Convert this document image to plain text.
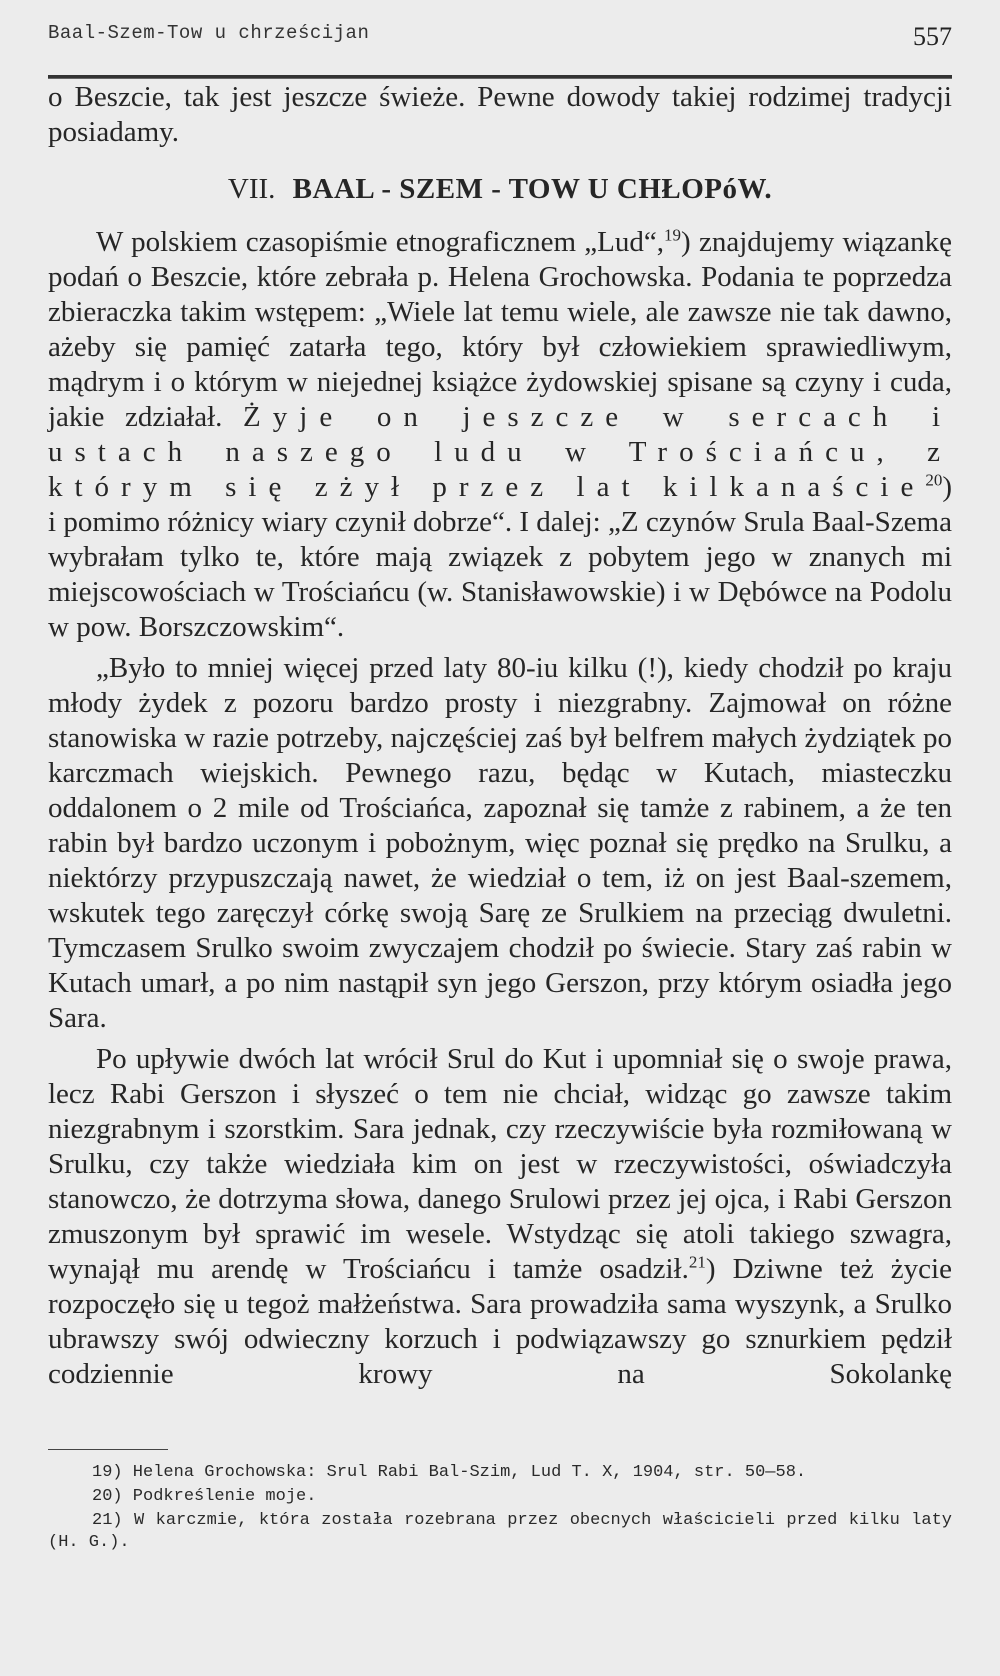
Baal-Szem-Tow u chrześcijan	557

o Beszcie, tak jest jeszcze świeże. Pewne dowody takiej rodzimej tradycji posiadamy.

VII. BAAL - SZEM - TOW U CHŁOPóW.

W polskiem czasopiśmie etnograficznem „Lud“,$^{19}$) znajdujemy wiązankę podań o Beszcie, które zebrała p. Helena Grochowska. Podania te poprzedza zbieraczka takim wstępem: „Wiele lat temu wiele, ale zawsze nie tak dawno, ażeby się pamięć zatarła tego, który był człowiekiem sprawiedliwym, mądrym i o którym w niejednej książce żydowskiej spisane są czyny i cuda, jakie zdziałał. Żyje on jeszcze w sercach i ustach naszego ludu w Trościańcu, z którym się zżył przez lat kilkanaście$^{20}$) i pomimo różnicy wiary czynił dobrze“. I dalej: „Z czynów Srula Baal-Szema wybrałam tylko te, które mają związek z pobytem jego w znanych mi miejscowościach w Trościańcu (w. Stanisławowskie) i w Dębówce na Podolu w pow. Borszczowskim“.

„Było to mniej więcej przed laty 80-iu kilku (!), kiedy chodził po kraju młody żydek z pozoru bardzo prosty i niezgrabny. Zajmował on różne stanowiska w razie potrzeby, najczęściej zaś był belfrem małych żydziątek po karczmach wiejskich. Pewnego razu, będąc w Kutach, miasteczku oddalonem o 2 mile od Trościańca, zapoznał się tamże z rabinem, a że ten rabin był bardzo uczonym i pobożnym, więc poznał się prędko na Srulku, a niektórzy przypuszczają nawet, że wiedział o tem, iż on jest Baal-szemem, wskutek tego zaręczył córkę swoją Sarę ze Srulkiem na przeciąg dwuletni. Tymczasem Srulko swoim zwyczajem chodził po świecie. Stary zaś rabin w Kutach umarł, a po nim nastąpił syn jego Gerszon, przy którym osiadła jego Sara.

Po upływie dwóch lat wrócił Srul do Kut i upomniał się o swoje prawa, lecz Rabi Gerszon i słyszeć o tem nie chciał, widząc go zawsze takim niezgrabnym i szorstkim. Sara jednak, czy rzeczywiście była rozmiłowaną w Srulku, czy także wiedziała kim on jest w rzeczywistości, oświadczyła stanowczo, że dotrzyma słowa, danego Srulowi przez jej ojca, i Rabi Gerszon zmuszonym był sprawić im wesele. Wstydząc się atoli takiego szwagra, wynajął mu arendę w Trościańcu i tamże osadził.$^{21}$) Dziwne też życie rozpoczęło się u tegoż małżeństwa. Sara prowadziła sama wyszynk, a Srulko ubrawszy swój odwieczny korzuch i podwiązawszy go sznurkiem pędził codziennie krowy na Sokolankę

19) Helena Grochowska: Srul Rabi Bal-Szim, Lud T. X, 1904, str. 50—58.

20) Podkreślenie moje.

21) W karczmie, która została rozebrana przez obecnych właścicieli przed kilku laty (H. G.).
